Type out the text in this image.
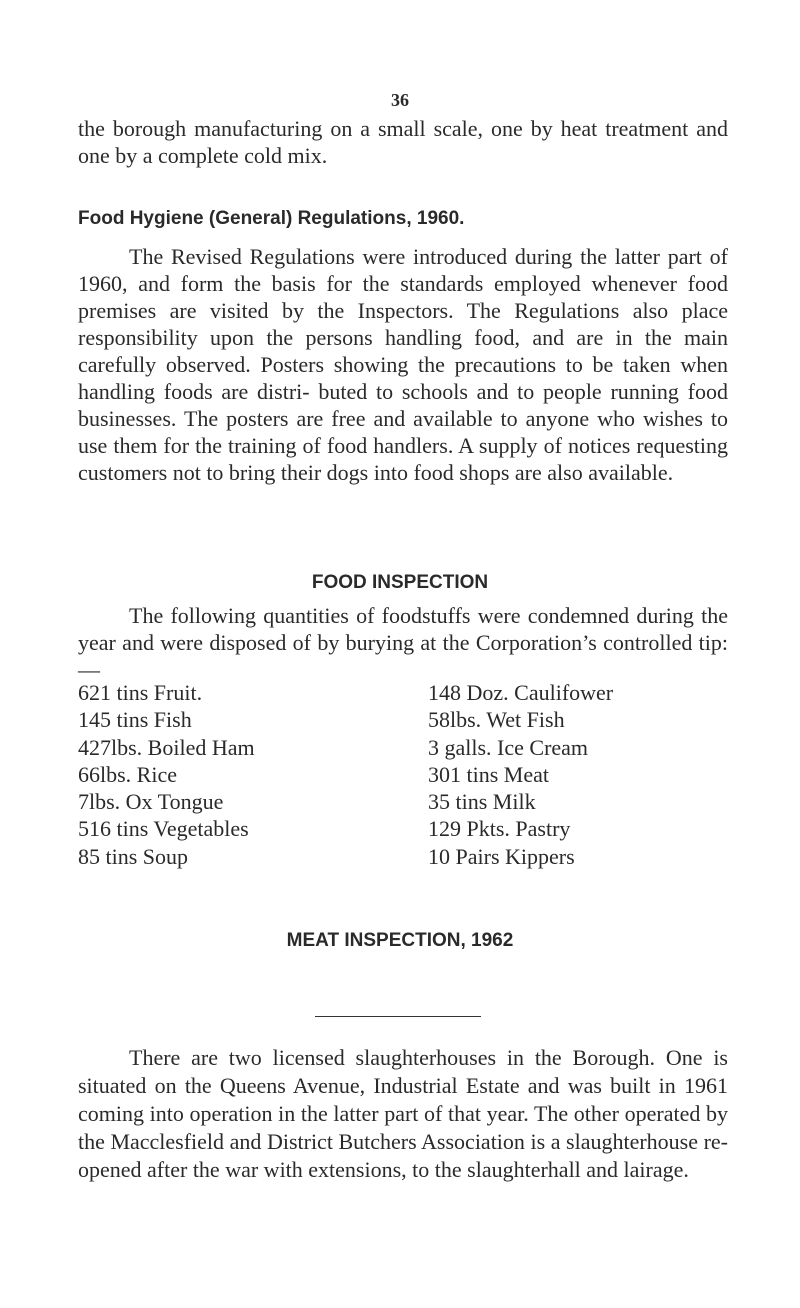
36

the borough manufacturing on a small scale, one by heat treatment and one by a complete cold mix.

Food Hygiene (General) Regulations, 1960.

The Revised Regulations were introduced during the latter part of 1960, and form the basis for the standards employed whenever food premises are visited by the Inspectors. The Regulations also place responsibility upon the persons handling food, and are in the main carefully observed. Posters showing the precautions to be taken when handling foods are distri- buted to schools and to people running food businesses. The posters are free and available to anyone who wishes to use them for the training of food handlers. A supply of notices requesting customers not to bring their dogs into food shops are also available.

FOOD INSPECTION

The following quantities of foodstuffs were condemned during the year and were disposed of by burying at the Corporation’s controlled tip:—

621 tins Fruit.
145 tins Fish
427lbs. Boiled Ham
66lbs. Rice
7lbs. Ox Tongue
516 tins Vegetables
85 tins Soup
148 Doz. Caulifower
58lbs. Wet Fish
3 galls. Ice Cream
301 tins Meat
35 tins Milk
129 Pkts. Pastry
10 Pairs Kippers
MEAT INSPECTION, 1962

There are two licensed slaughterhouses in the Borough. One is situated on the Queens Avenue, Industrial Estate and was built in 1961 coming into operation in the latter part of that year. The other operated by the Macclesfield and District Butchers Association is a slaughterhouse re-opened after the war with extensions, to the slaughterhall and lairage.
